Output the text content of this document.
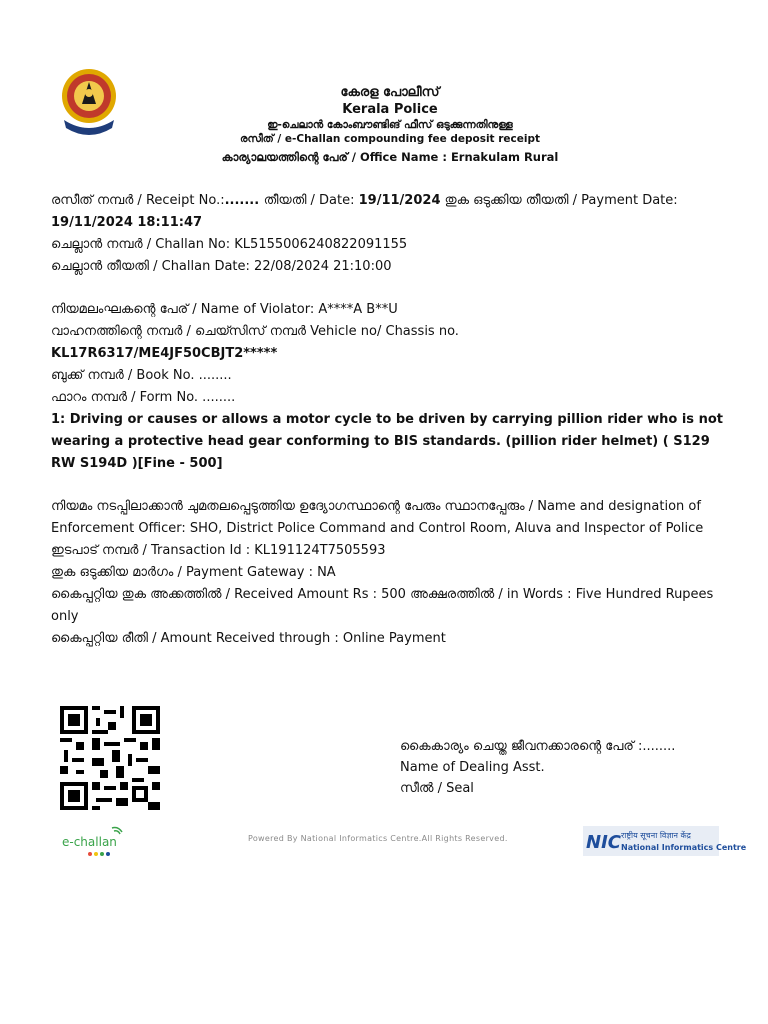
കേരള പോലീസ്
Kerala Police
ഇ-ചെലാൻ കോംബൗണ്ടിങ് ഫീസ് ഒടുക്കുന്നതിനുള്ള
രസീത് / e-Challan compounding fee deposit receipt
കാര്യാലയത്തിന്റെ പേര് / Office Name : Ernakulam Rural

രസീത് നമ്പർ / Receipt No.:....... തീയതി / Date: 19/11/2024 തുക ഒടുക്കിയ തീയതി / Payment Date: 19/11/2024 18:11:47

ചെല്ലാൻ നമ്പർ / Challan No: KL5155006240822091155

ചെല്ലാൻ തീയതി / Challan Date: 22/08/2024 21:10:00

നിയമലംഘകന്റെ പേര് / Name of Violator: A****A B**U

വാഹനത്തിന്റെ നമ്പർ / ചെയ്സിസ് നമ്പർ Vehicle no/ Chassis no.

KL17R6317/ME4JF50CBJT2*****

ബുക്ക് നമ്പർ / Book No. ........

ഫാറം നമ്പർ / Form No. ........

1: Driving or causes or allows a motor cycle to be driven by carrying pillion rider who is not wearing a protective head gear conforming to BIS standards. (pillion rider helmet) ( S129 RW S194D )[Fine - 500]

നിയമം നടപ്പിലാക്കാൻ ചുമതലപ്പെടുത്തിയ ഉദ്യോഗസ്ഥാന്റെ പേരും സ്ഥാനപ്പേരും / Name and designation of Enforcement Officer: SHO, District Police Command and Control Room, Aluva and Inspector of Police

ഇടപാട് നമ്പർ / Transaction Id : KL191124T7505593

തുക ഒടുക്കിയ മാർഗം / Payment Gateway : NA

കൈപ്പറ്റിയ തുക അക്കത്തിൽ / Received Amount Rs : 500 അക്ഷരത്തിൽ / in Words : Five Hundred Rupees only

കൈപ്പറ്റിയ രീതി / Amount Received through : Online Payment

കൈകാര്യം ചെയ്ത ജീവനക്കാരന്റെ പേര് :........
Name of Dealing Asst.
സീൽ / Seal
e-challan	Powered By National Informatics Centre.All Rights Reserved.	NIC राष्ट्रीय सूचना विज्ञान केंद्र
National Informatics Centre
